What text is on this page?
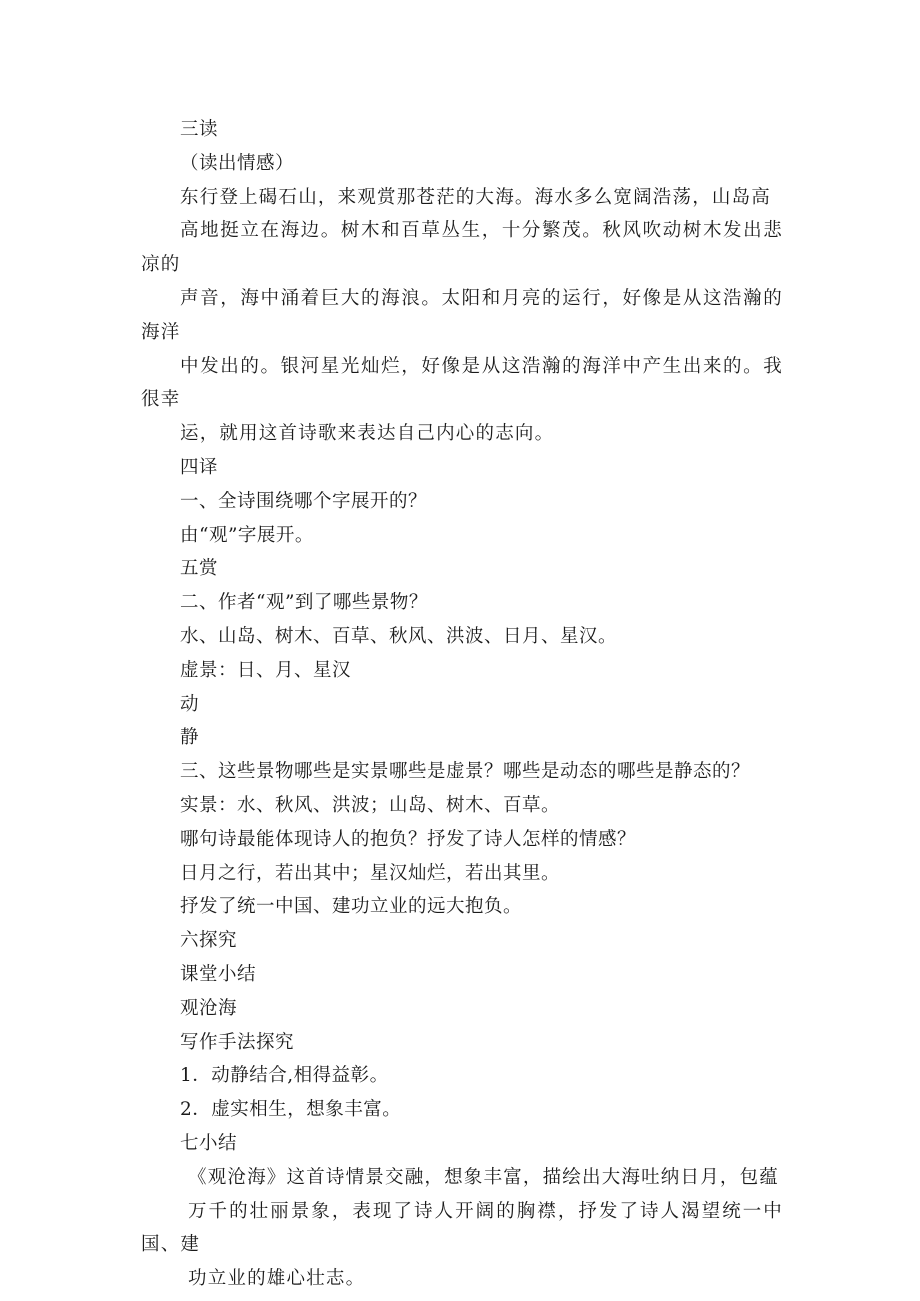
三读
（读出情感）
东行登上碣石山，来观赏那苍茫的大海。海水多么宽阔浩荡，山岛高
高地挺立在海边。树木和百草丛生，十分繁茂。秋风吹动树木发出悲凉的
声音，海中涌着巨大的海浪。太阳和月亮的运行，好像是从这浩瀚的海洋
中发出的。银河星光灿烂，好像是从这浩瀚的海洋中产生出来的。我很幸
运，就用这首诗歌来表达自己内心的志向。
四译
一、全诗围绕哪个字展开的？
由“观”字展开。
五赏
二、作者“观”到了哪些景物？
水、山岛、树木、百草、秋风、洪波、日月、星汉。
虚景：日、月、星汉
动
静
三、这些景物哪些是实景哪些是虚景？哪些是动态的哪些是静态的？
实景：水、秋风、洪波；山岛、树木、百草。
哪句诗最能体现诗人的抱负？抒发了诗人怎样的情感？
日月之行，若出其中；星汉灿烂，若出其里。
抒发了统一中国、建功立业的远大抱负。
六探究
课堂小结
观沧海
写作手法探究
1．动静结合,相得益彰。
2．虚实相生，想象丰富。
七小结
《观沧海》这首诗情景交融，想象丰富，描绘出大海吐纳日月，包蕴
万千的壮丽景象，表现了诗人开阔的胸襟，抒发了诗人渴望统一中国、建
功立业的雄心壮志。
